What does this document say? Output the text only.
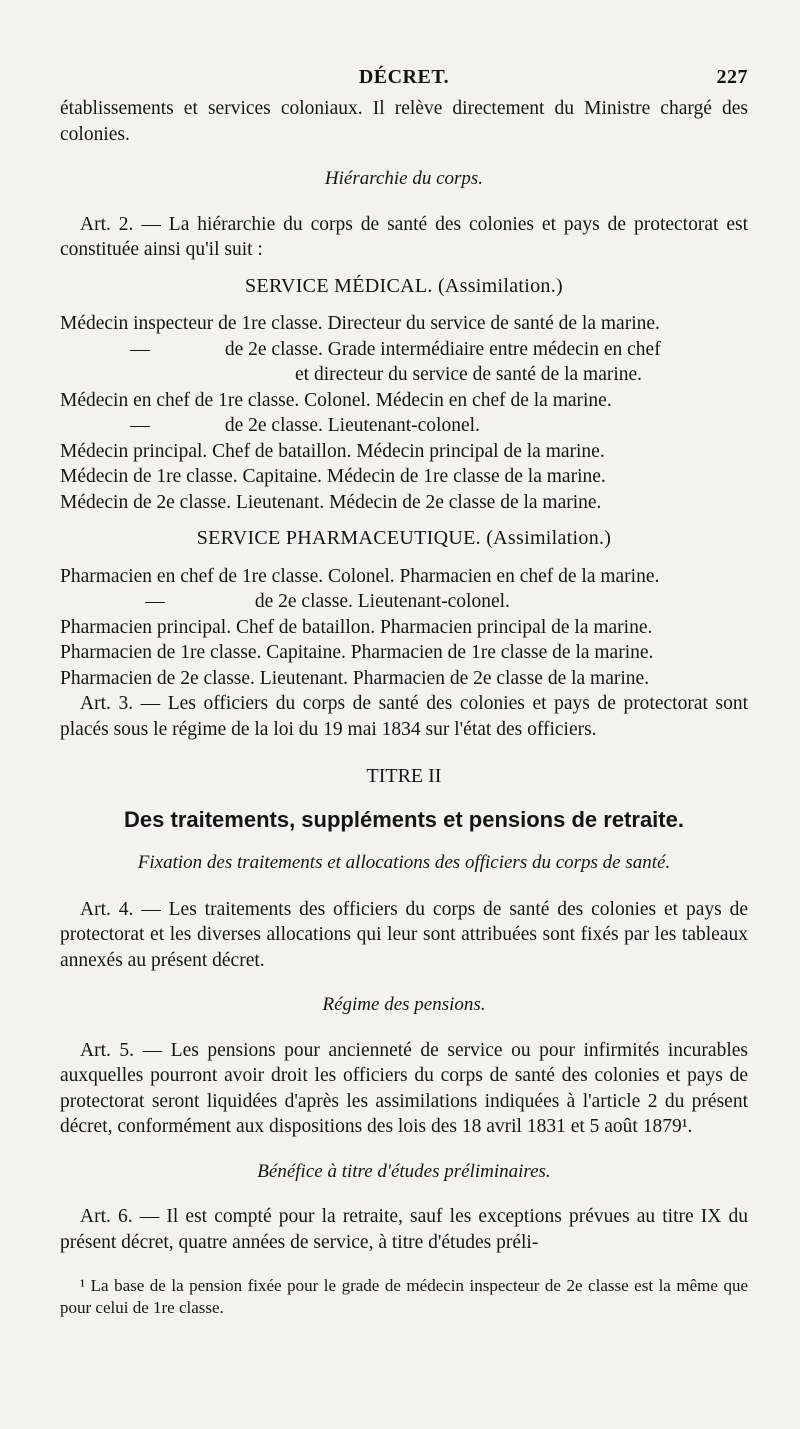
DÉCRET.	227

établissements et services coloniaux. Il relève directement du Ministre chargé des colonies.

Hiérarchie du corps.

Art. 2. — La hiérarchie du corps de santé des colonies et pays de protectorat est constituée ainsi qu'il suit :

SERVICE MÉDICAL. (Assimilation.)
Médecin inspecteur de 1re classe. Directeur du service de santé de la marine.
—	de 2e classe. Grade intermédiaire entre médecin en chef
et directeur du service de santé de la marine.
Médecin en chef de 1re classe. Colonel. Médecin en chef de la marine.
—	de 2e classe. Lieutenant-colonel.
Médecin principal. Chef de bataillon. Médecin principal de la marine.
Médecin de 1re classe. Capitaine. Médecin de 1re classe de la marine.
Médecin de 2e classe. Lieutenant. Médecin de 2e classe de la marine.
SERVICE PHARMACEUTIQUE. (Assimilation.)
Pharmacien en chef de 1re classe. Colonel. Pharmacien en chef de la marine.
—	de 2e classe. Lieutenant-colonel.
Pharmacien principal. Chef de bataillon. Pharmacien principal de la marine.
Pharmacien de 1re classe. Capitaine. Pharmacien de 1re classe de la marine.
Pharmacien de 2e classe. Lieutenant. Pharmacien de 2e classe de la marine.

Art. 3. — Les officiers du corps de santé des colonies et pays de protectorat sont placés sous le régime de la loi du 19 mai 1834 sur l'état des officiers.

TITRE II
Des traitements, suppléments et pensions de retraite.
Fixation des traitements et allocations des officiers du corps de santé.

Art. 4. — Les traitements des officiers du corps de santé des colonies et pays de protectorat et les diverses allocations qui leur sont attribuées sont fixés par les tableaux annexés au présent décret.

Régime des pensions.

Art. 5. — Les pensions pour ancienneté de service ou pour infirmités incurables auxquelles pourront avoir droit les officiers du corps de santé des colonies et pays de protectorat seront liquidées d'après les assimilations indiquées à l'article 2 du présent décret, conformément aux dispositions des lois des 18 avril 1831 et 5 août 1879¹.

Bénéfice à titre d'études préliminaires.

Art. 6. — Il est compté pour la retraite, sauf les exceptions prévues au titre IX du présent décret, quatre années de service, à titre d'études préli-

¹ La base de la pension fixée pour le grade de médecin inspecteur de 2e classe est la même que pour celui de 1re classe.
